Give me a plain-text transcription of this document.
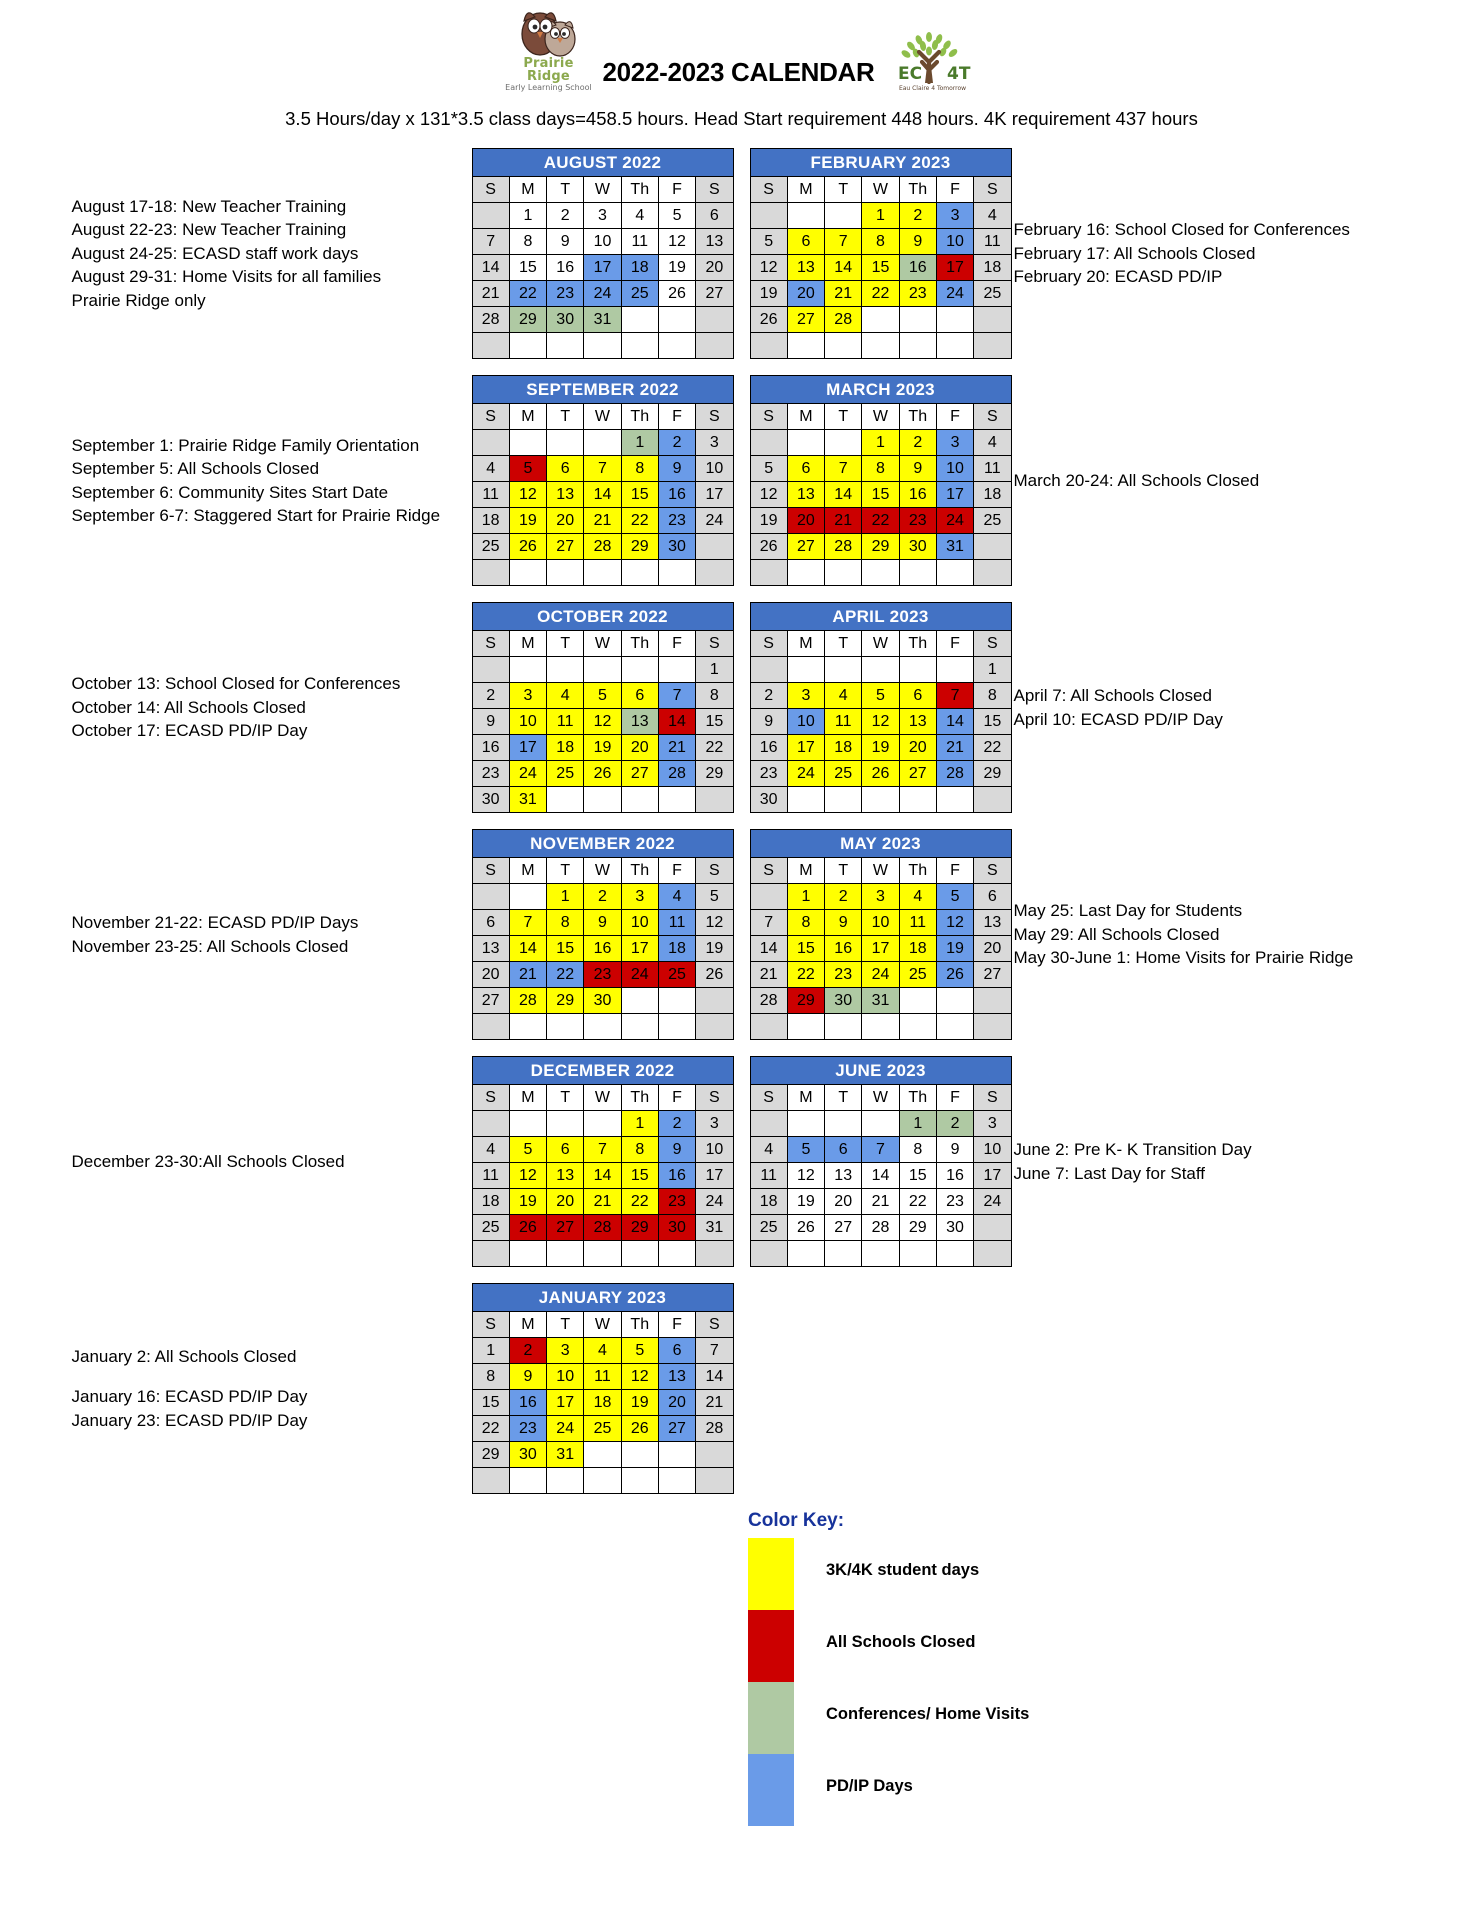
Prairie Ridge
Early Learning School
2022-2023 CALENDAR	EC 4T
Eau Claire 4 Tomorrow
3.5 Hours/day x 131*3.5 class days=458.5 hours. Head Start requirement 448 hours. 4K requirement 437 hours
August 17-18: New Teacher Training
August 22-23: New Teacher Training
August 24-25: ECASD staff work days
August 29-31: Home Visits for all families
Prairie Ridge only
AUGUST 2022						
S	M	T	W	Th	F	S
	1	2	3	4	5	6
7	8	9	10	11	12	13
14	15	16	17	18	19	20
21	22	23	24	25	26	27
28	29	30	31			

FEBRUARY 2023						
S	M	T	W	Th	F	S
			1	2	3	4
5	6	7	8	9	10	11
12	13	14	15	16	17	18
19	20	21	22	23	24	25
26	27	28				

February 16: School Closed for Conferences
February 17: All Schools Closed
February 20: ECASD PD/IP
September 1: Prairie Ridge Family Orientation
September 5: All Schools Closed
September 6: Community Sites Start Date
September 6-7: Staggered Start for Prairie Ridge
SEPTEMBER 2022						
S	M	T	W	Th	F	S
				1	2	3
4	5	6	7	8	9	10
11	12	13	14	15	16	17
18	19	20	21	22	23	24
25	26	27	28	29	30	

MARCH 2023						
S	M	T	W	Th	F	S
			1	2	3	4
5	6	7	8	9	10	11
12	13	14	15	16	17	18
19	20	21	22	23	24	25
26	27	28	29	30	31	

March 20-24: All Schools Closed
October 13: School Closed for Conferences
October 14: All Schools Closed
October 17: ECASD PD/IP Day
OCTOBER 2022						
S	M	T	W	Th	F	S
						1
2	3	4	5	6	7	8
9	10	11	12	13	14	15
16	17	18	19	20	21	22
23	24	25	26	27	28	29
30	31					
APRIL 2023						
S	M	T	W	Th	F	S
						1
2	3	4	5	6	7	8
9	10	11	12	13	14	15
16	17	18	19	20	21	22
23	24	25	26	27	28	29
30						
April 7: All Schools Closed
April 10: ECASD PD/IP Day
November 21-22: ECASD PD/IP Days
November 23-25: All Schools Closed
NOVEMBER 2022						
S	M	T	W	Th	F	S
		1	2	3	4	5
6	7	8	9	10	11	12
13	14	15	16	17	18	19
20	21	22	23	24	25	26
27	28	29	30			

MAY 2023						
S	M	T	W	Th	F	S
	1	2	3	4	5	6
7	8	9	10	11	12	13
14	15	16	17	18	19	20
21	22	23	24	25	26	27
28	29	30	31			

May 25: Last Day for Students
May 29: All Schools Closed
May 30-June 1: Home Visits for Prairie Ridge
December 23-30:All Schools Closed
DECEMBER 2022						
S	M	T	W	Th	F	S
				1	2	3
4	5	6	7	8	9	10
11	12	13	14	15	16	17
18	19	20	21	22	23	24
25	26	27	28	29	30	31

JUNE 2023						
S	M	T	W	Th	F	S
				1	2	3
4	5	6	7	8	9	10
11	12	13	14	15	16	17
18	19	20	21	22	23	24
25	26	27	28	29	30	

June 2: Pre K- K Transition Day
June 7: Last Day for Staff
January 2: All Schools Closed
January 16: ECASD PD/IP Day
January 23: ECASD PD/IP Day
JANUARY 2023						
S	M	T	W	Th	F	S
1	2	3	4	5	6	7
8	9	10	11	12	13	14
15	16	17	18	19	20	21
22	23	24	25	26	27	28
29	30	31				

Color Key:
3K/4K student days
All Schools Closed
Conferences/ Home Visits
PD/IP Days
